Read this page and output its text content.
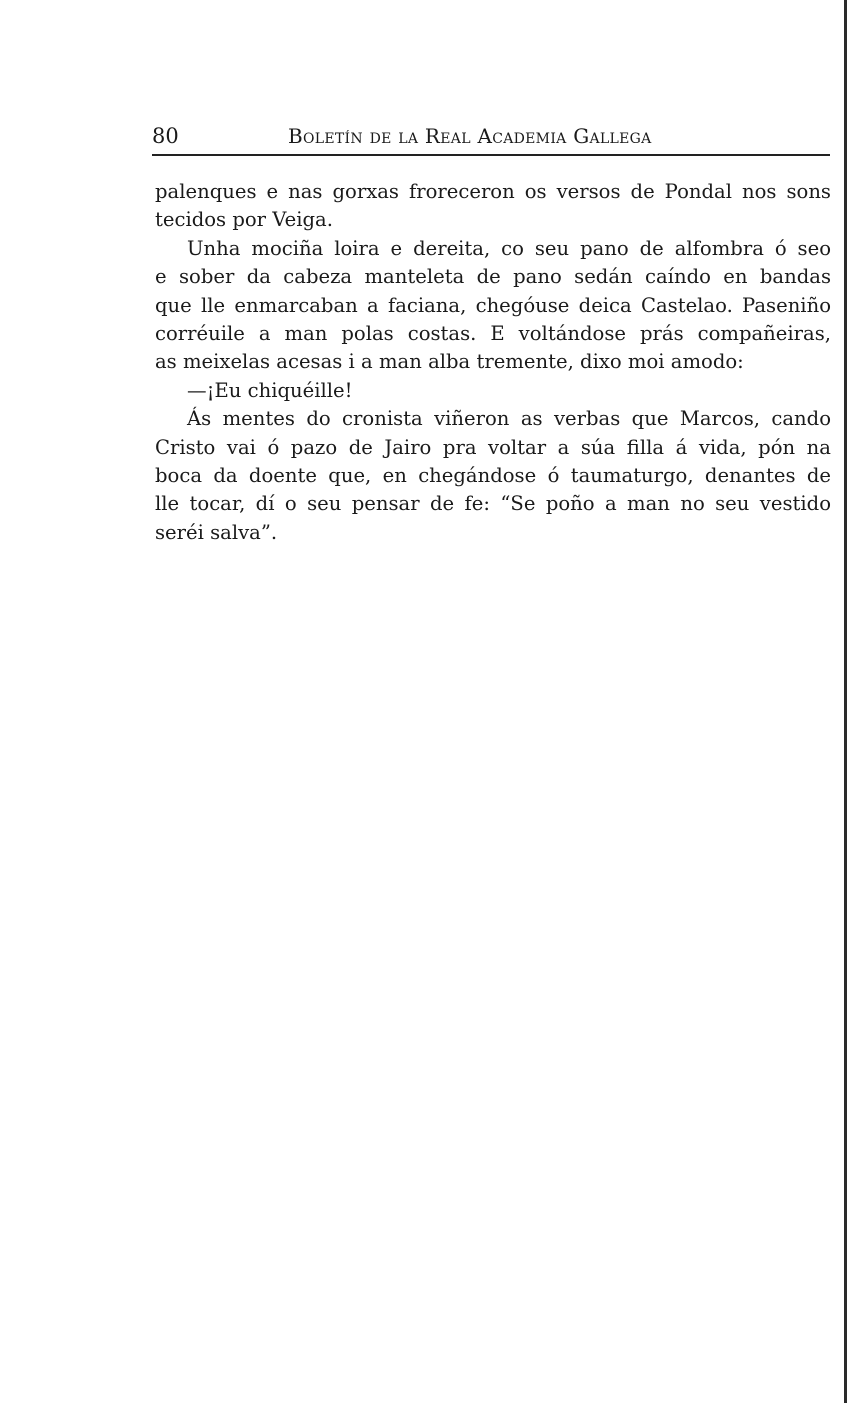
80	Boletín de la Real Academia Gallega
palenques e nas gorxas froreceron os versos de Pondal nos sons
tecidos por Veiga.
Unha mociña loira e dereita, co seu pano de alfombra ó seo
e sober da cabeza manteleta de pano sedán caíndo en bandas
que lle enmarcaban a faciana, chegóuse deica Castelao. Paseniño
corréuile a man polas costas. E voltándose prás compañeiras,
as meixelas acesas i a man alba tremente, dixo moi amodo:
—¡Eu chiquéille!
Ás mentes do cronista viñeron as verbas que Marcos, cando
Cristo vai ó pazo de Jairo pra voltar a súa filla á vida, pón na
boca da doente que, en chegándose ó taumaturgo, denantes de
lle tocar, dí o seu pensar de fe: “Se poño a man no seu vestido
seréi salva”.
